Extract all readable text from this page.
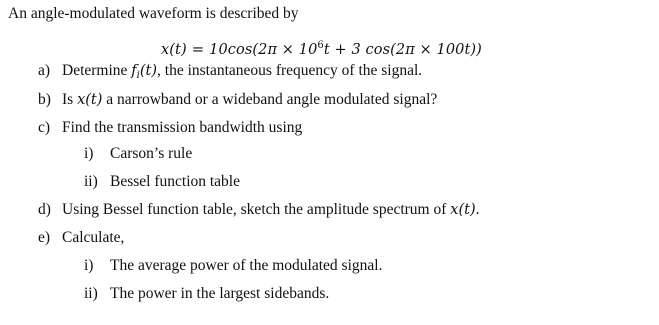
An angle-modulated waveform is described by
$x(t) = 10\cos(2\pi \times 10^6t + 3$ cos(2π × 100t))
a) Determine $f_i(t)$, the instantaneous frequency of the signal.
b) Is x(t) a narrowband or a wideband angle modulated signal?
c) Find the transmission bandwidth using
i) Carson’s rule
ii) Bessel function table
d) Using Bessel function table, sketch the amplitude spectrum of x(t).
e) Calculate,
i) The average power of the modulated signal.
ii) The power in the largest sidebands.
